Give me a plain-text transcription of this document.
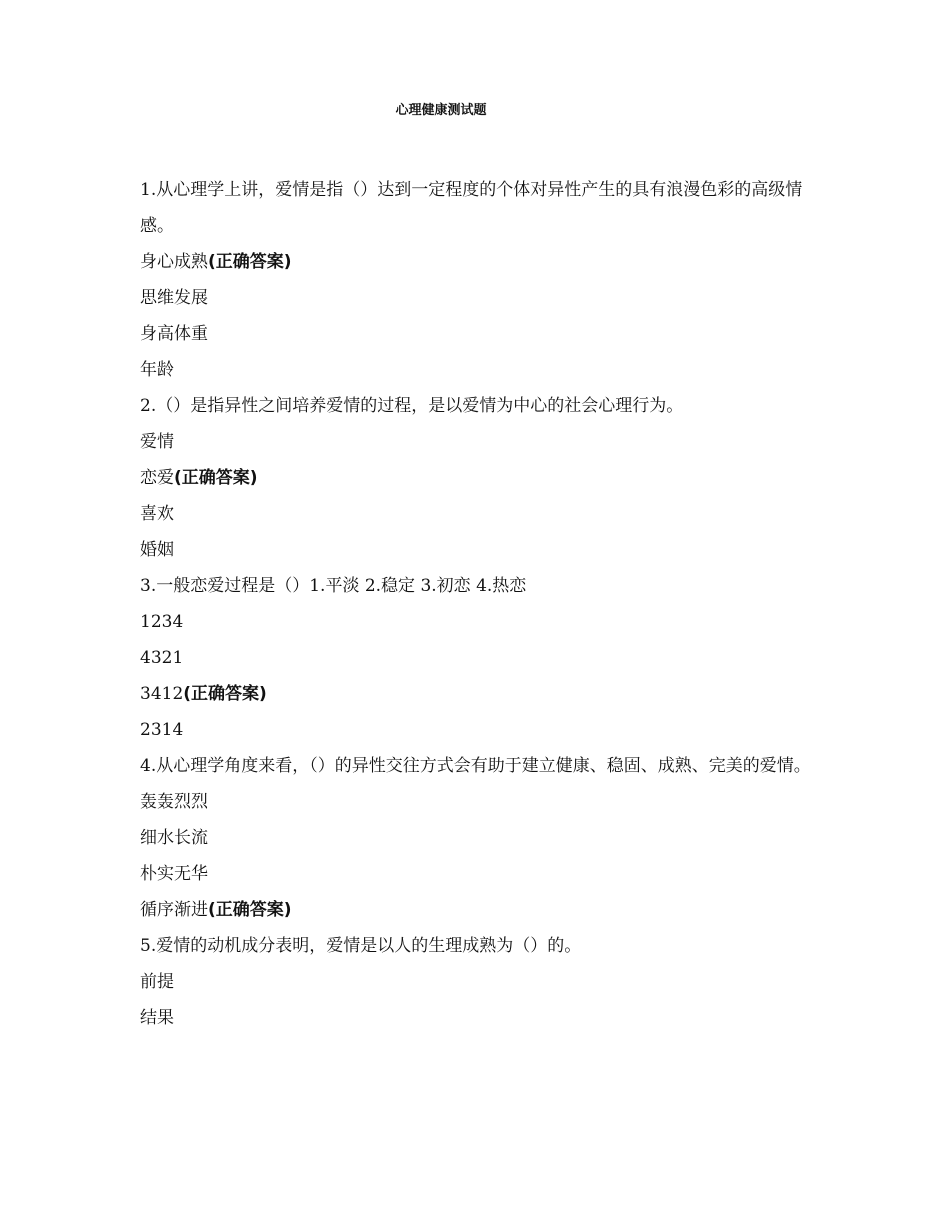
心理健康测试题
1.从心理学上讲，爱情是指（）达到一定程度的个体对异性产生的具有浪漫色彩的高级情感。
身心成熟(正确答案)
思维发展
身高体重
年龄
2.（）是指异性之间培养爱情的过程，是以爱情为中心的社会心理行为。
爱情
恋爱(正确答案)
喜欢
婚姻
3.一般恋爱过程是（）1.平淡 2.稳定 3.初恋 4.热恋
1234
4321
3412(正确答案)
2314
4.从心理学角度来看，（）的异性交往方式会有助于建立健康、稳固、成熟、完美的爱情。
轰轰烈烈
细水长流
朴实无华
循序渐进(正确答案)
5.爱情的动机成分表明，爱情是以人的生理成熟为（）的。
前提
结果
